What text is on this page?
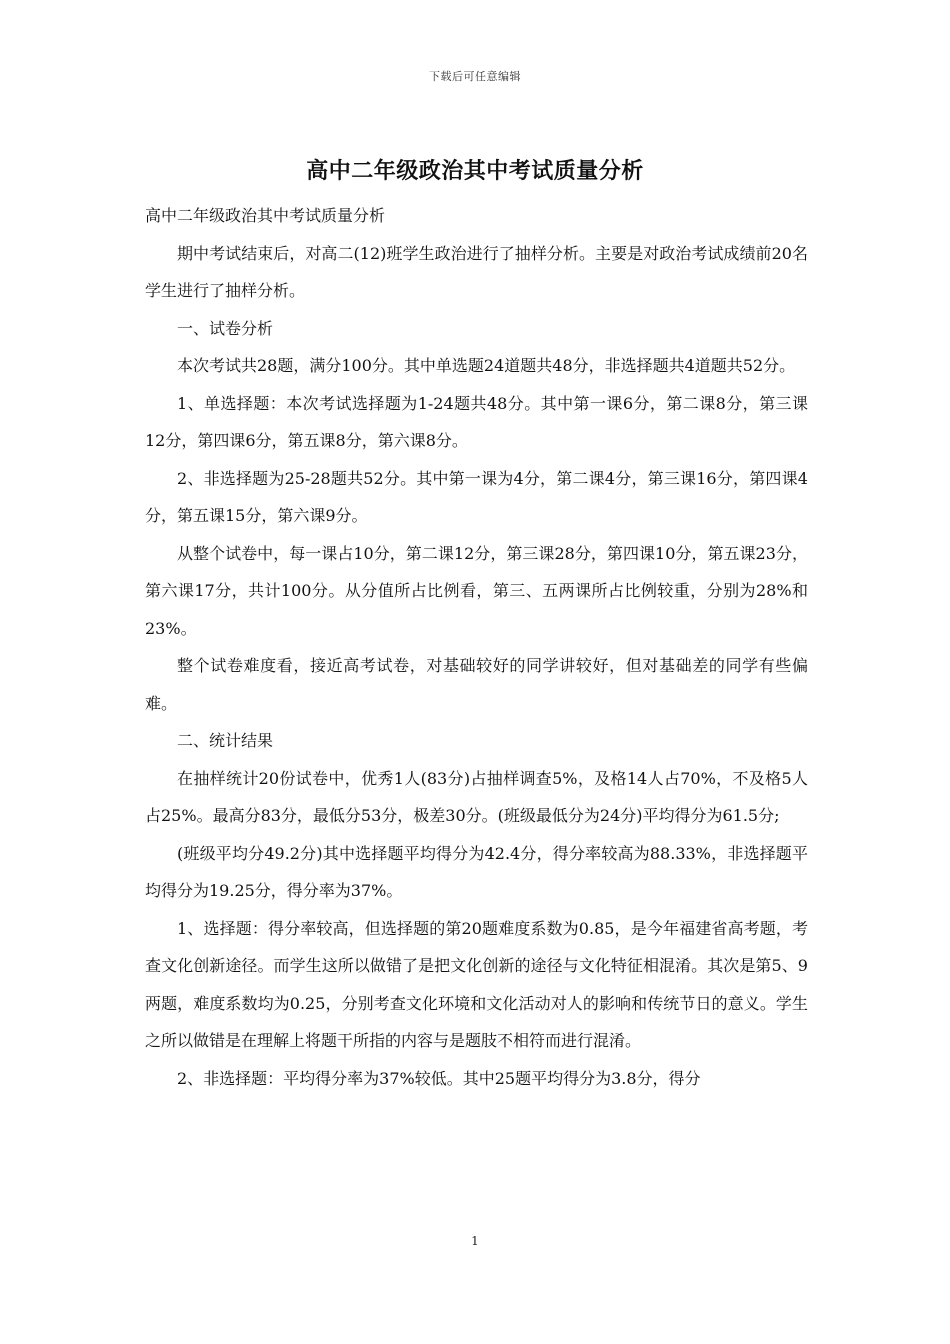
下载后可任意编辑
高中二年级政治其中考试质量分析

高中二年级政治其中考试质量分析

期中考试结束后，对高二(12)班学生政治进行了抽样分析。主要是对政治考试成绩前20名学生进行了抽样分析。

一、试卷分析

本次考试共28题，满分100分。其中单选题24道题共48分，非选择题共4道题共52分。

1、单选择题：本次考试选择题为1-24题共48分。其中第一课6分，第二课8分，第三课12分，第四课6分，第五课8分，第六课8分。

2、非选择题为25-28题共52分。其中第一课为4分，第二课4分，第三课16分，第四课4分，第五课15分，第六课9分。

从整个试卷中，每一课占10分，第二课12分，第三课28分，第四课10分，第五课23分，第六课17分，共计100分。从分值所占比例看，第三、五两课所占比例较重，分别为28%和23%。

整个试卷难度看，接近高考试卷，对基础较好的同学讲较好，但对基础差的同学有些偏难。

二、统计结果

在抽样统计20份试卷中，优秀1人(83分)占抽样调查5%，及格14人占70%，不及格5人占25%。最高分83分，最低分53分，极差30分。(班级最低分为24分)平均得分为61.5分;

(班级平均分49.2分)其中选择题平均得分为42.4分，得分率较高为88.33%，非选择题平均得分为19.25分，得分率为37%。

1、选择题：得分率较高，但选择题的第20题难度系数为0.85，是今年福建省高考题，考查文化创新途径。而学生这所以做错了是把文化创新的途径与文化特征相混淆。其次是第5、9两题，难度系数均为0.25，分别考查文化环境和文化活动对人的影响和传统节日的意义。学生之所以做错是在理解上将题干所指的内容与是题肢不相符而进行混淆。

2、非选择题：平均得分率为37%较低。其中25题平均得分为3.8分，得分

1
